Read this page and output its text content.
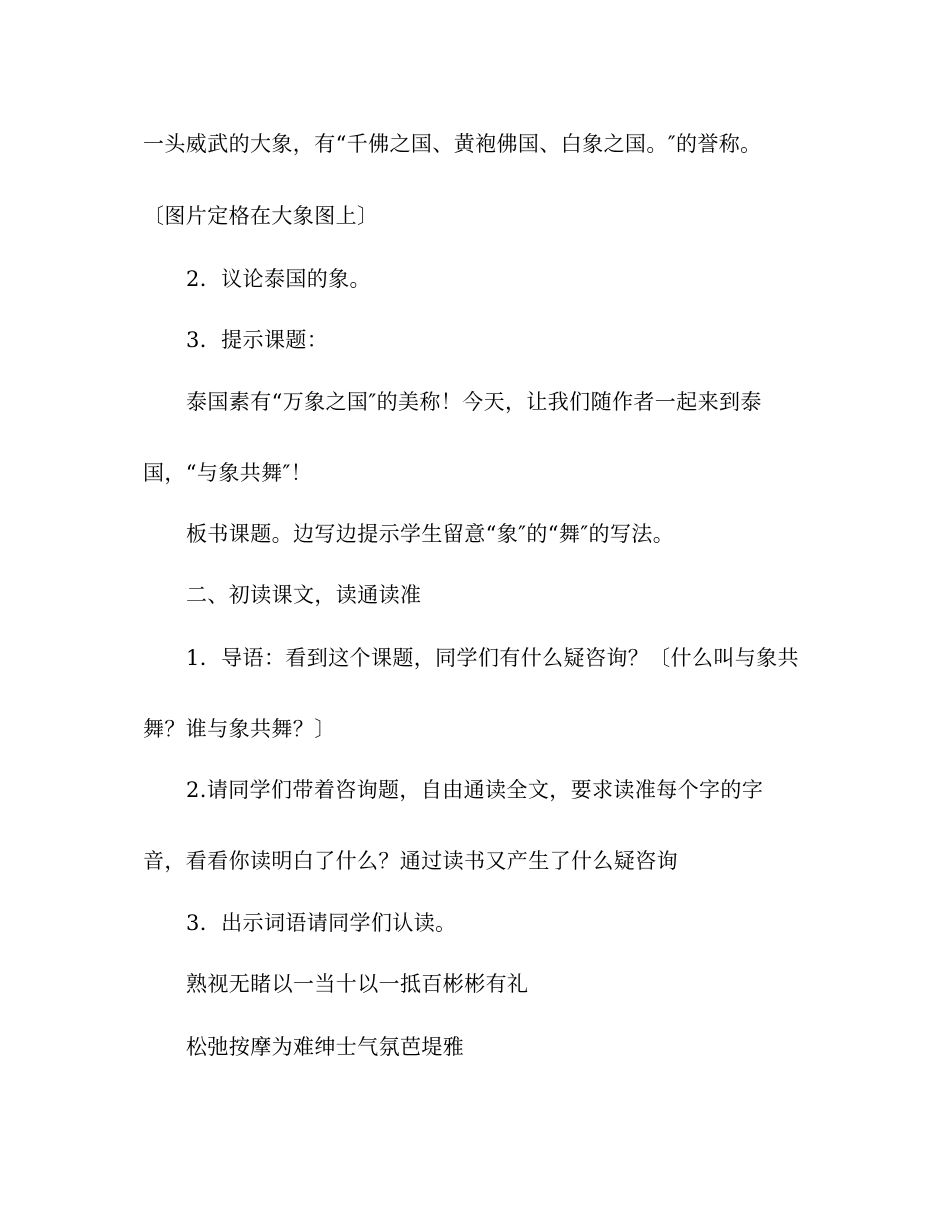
一头威武的大象，有“千佛之国、黄袍佛国、白象之国。″的誉称。
〔图片定格在大象图上〕
2．议论泰国的象。
3．提示课题：
泰国素有“万象之国″的美称！今天，让我们随作者一起来到泰
国，“与象共舞″！
板书课题。边写边提示学生留意“象″的“舞″的写法。
二、初读课文，读通读准
1．导语：看到这个课题，同学们有什么疑咨询？〔什么叫与象共
舞？谁与象共舞？〕
2.请同学们带着咨询题，自由通读全文，要求读准每个字的字
音，看看你读明白了什么？通过读书又产生了什么疑咨询
3．出示词语请同学们认读。
熟视无睹以一当十以一抵百彬彬有礼
松弛按摩为难绅士气氛芭堤雅
